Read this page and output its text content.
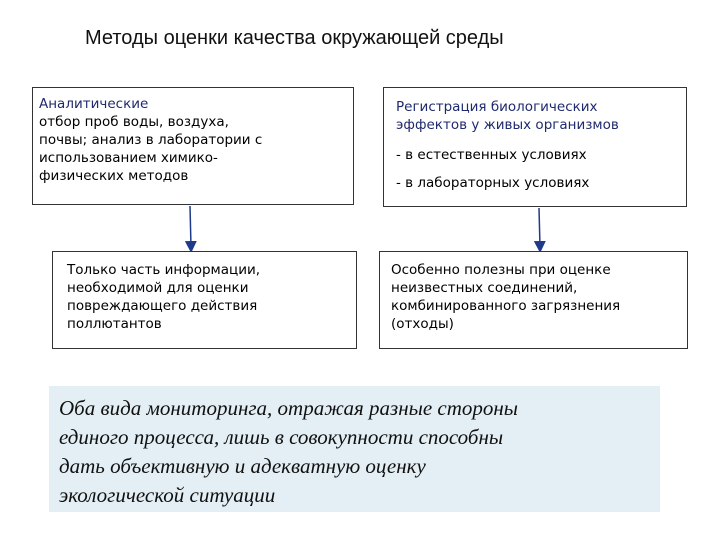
Методы оценки качества окружающей среды
Аналитические
отбор проб воды, воздуха,
почвы; анализ в лаборатории с
использованием химико-
физических методов
Регистрация биологических
эффектов у живых организмов
- в естественных условиях
- в лабораторных условиях
Только часть информации,
необходимой для оценки
повреждающего действия
поллютантов
Особенно полезны при оценке
неизвестных соединений,
комбинированного загрязнения
(отходы)
Оба вида мониторинга, отражая разные стороны
единого процесса, лишь в совокупности способны
дать объективную и адекватную оценку
экологической ситуации
